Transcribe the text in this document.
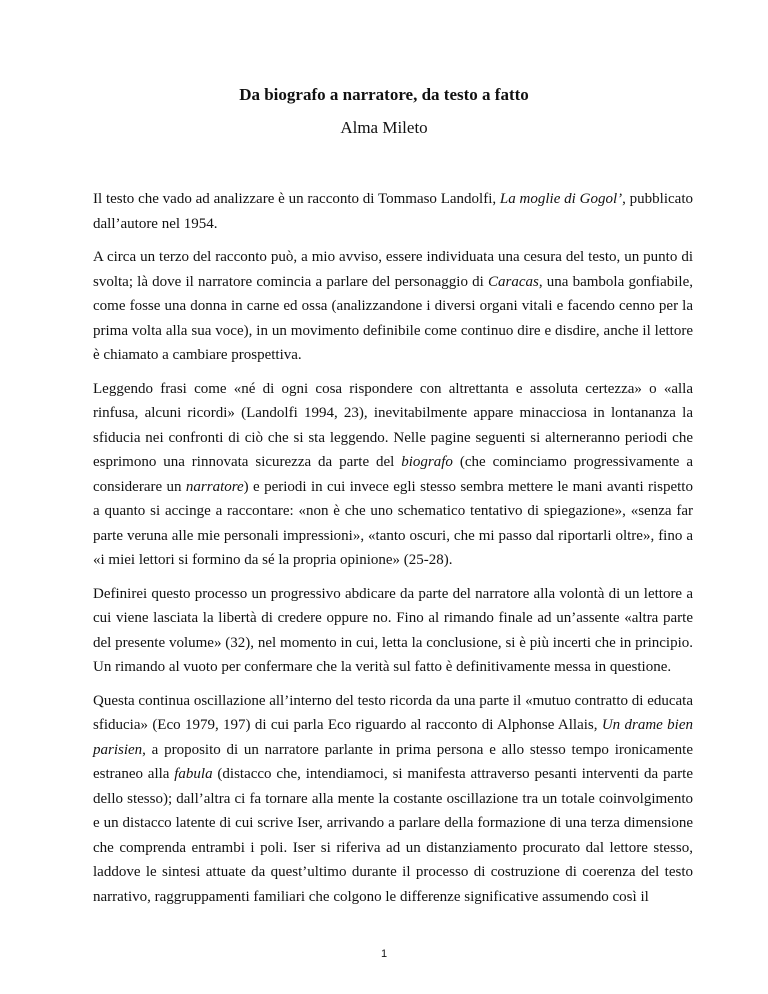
Da biografo a narratore, da testo a fatto
Alma Mileto

Il testo che vado ad analizzare è un racconto di Tommaso Landolfi, La moglie di Gogol’, pubblicato dall’autore nel 1954.

A circa un terzo del racconto può, a mio avviso, essere individuata una cesura del testo, un punto di svolta; là dove il narratore comincia a parlare del personaggio di Caracas, una bambola gonfiabile, come fosse una donna in carne ed ossa (analizzandone i diversi organi vitali e facendo cenno per la prima volta alla sua voce), in un movimento definibile come continuo dire e disdire, anche il lettore è chiamato a cambiare prospettiva.

Leggendo frasi come «né di ogni cosa rispondere con altrettanta e assoluta certezza» o «alla rinfusa, alcuni ricordi» (Landolfi 1994, 23), inevitabilmente appare minacciosa in lontananza la sfiducia nei confronti di ciò che si sta leggendo. Nelle pagine seguenti si alterneranno periodi che esprimono una rinnovata sicurezza da parte del biografo (che cominciamo progressivamente a considerare un narratore) e periodi in cui invece egli stesso sembra mettere le mani avanti rispetto a quanto si accinge a raccontare: «non è che uno schematico tentativo di spiegazione», «senza far parte veruna alle mie personali impressioni», «tanto oscuri, che mi passo dal riportarli oltre», fino a «i miei lettori si formino da sé la propria opinione» (25-28).

Definirei questo processo un progressivo abdicare da parte del narratore alla volontà di un lettore a cui viene lasciata la libertà di credere oppure no. Fino al rimando finale ad un’assente «altra parte del presente volume» (32), nel momento in cui, letta la conclusione, si è più incerti che in principio. Un rimando al vuoto per confermare che la verità sul fatto è definitivamente messa in questione.

Questa continua oscillazione all’interno del testo ricorda da una parte il «mutuo contratto di educata sfiducia» (Eco 1979, 197) di cui parla Eco riguardo al racconto di Alphonse Allais, Un drame bien parisien, a proposito di un narratore parlante in prima persona e allo stesso tempo ironicamente estraneo alla fabula (distacco che, intendiamoci, si manifesta attraverso pesanti interventi da parte dello stesso); dall’altra ci fa tornare alla mente la costante oscillazione tra un totale coinvolgimento e un distacco latente di cui scrive Iser, arrivando a parlare della formazione di una terza dimensione che comprenda entrambi i poli. Iser si riferiva ad un distanziamento procurato dal lettore stesso, laddove le sintesi attuate da quest’ultimo durante il processo di costruzione di coerenza del testo narrativo, raggruppamenti familiari che colgono le differenze significative assumendo così il

1
